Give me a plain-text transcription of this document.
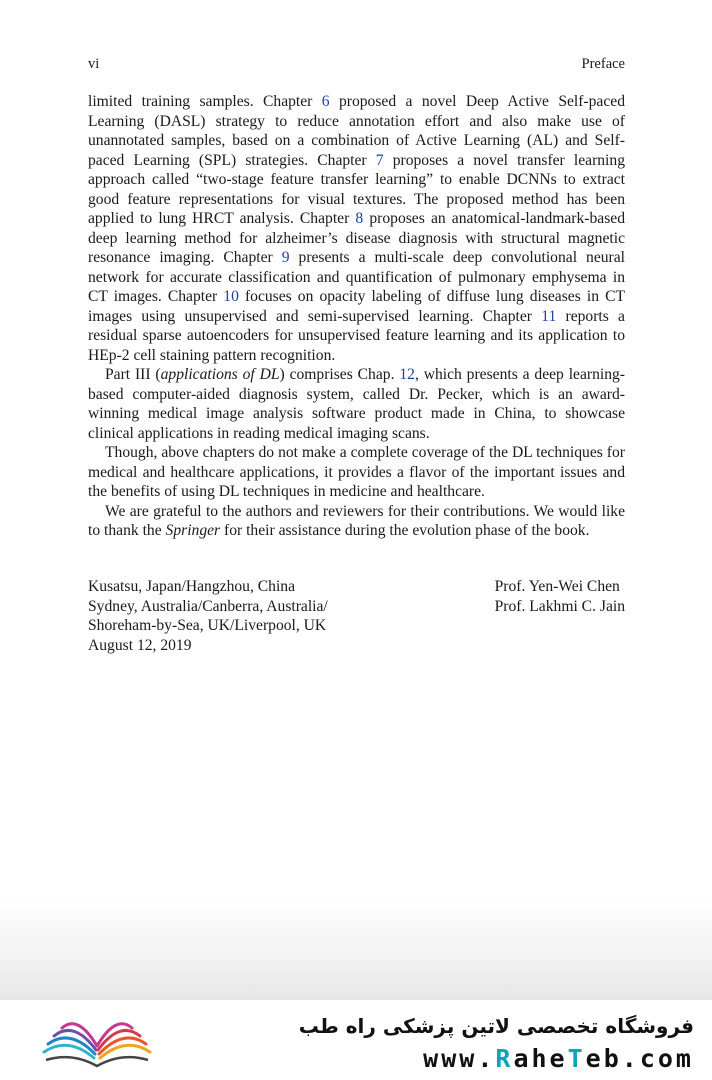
vi	Preface

limited training samples. Chapter 6 proposed a novel Deep Active Self-paced Learning (DASL) strategy to reduce annotation effort and also make use of unannotated samples, based on a combination of Active Learning (AL) and Self-paced Learning (SPL) strategies. Chapter 7 proposes a novel transfer learning approach called “two-stage feature transfer learning” to enable DCNNs to extract good feature representations for visual textures. The proposed method has been applied to lung HRCT analysis. Chapter 8 proposes an anatomical-landmark-based deep learning method for alzheimer’s disease diagnosis with structural magnetic resonance imaging. Chapter 9 presents a multi-scale deep convolutional neural network for accurate classification and quantification of pulmonary emphysema in CT images. Chapter 10 focuses on opacity labeling of diffuse lung diseases in CT images using unsupervised and semi-supervised learning. Chapter 11 reports a residual sparse autoencoders for unsupervised feature learning and its application to HEp-2 cell staining pattern recognition.

Part III (applications of DL) comprises Chap. 12, which presents a deep learning-based computer-aided diagnosis system, called Dr. Pecker, which is an award-winning medical image analysis software product made in China, to showcase clinical applications in reading medical imaging scans.

Though, above chapters do not make a complete coverage of the DL techniques for medical and healthcare applications, it provides a flavor of the important issues and the benefits of using DL techniques in medicine and healthcare.

We are grateful to the authors and reviewers for their contributions. We would like to thank the Springer for their assistance during the evolution phase of the book.

Kusatsu, Japan/Hangzhou, China
Sydney, Australia/Canberra, Australia/
Shoreham-by-Sea, UK/Liverpool, UK
August 12, 2019
Prof. Yen-Wei Chen
Prof. Lakhmi C. Jain
فروشگاه تخصصی لاتین پزشکی راه طب
www.RaheTeb.com
